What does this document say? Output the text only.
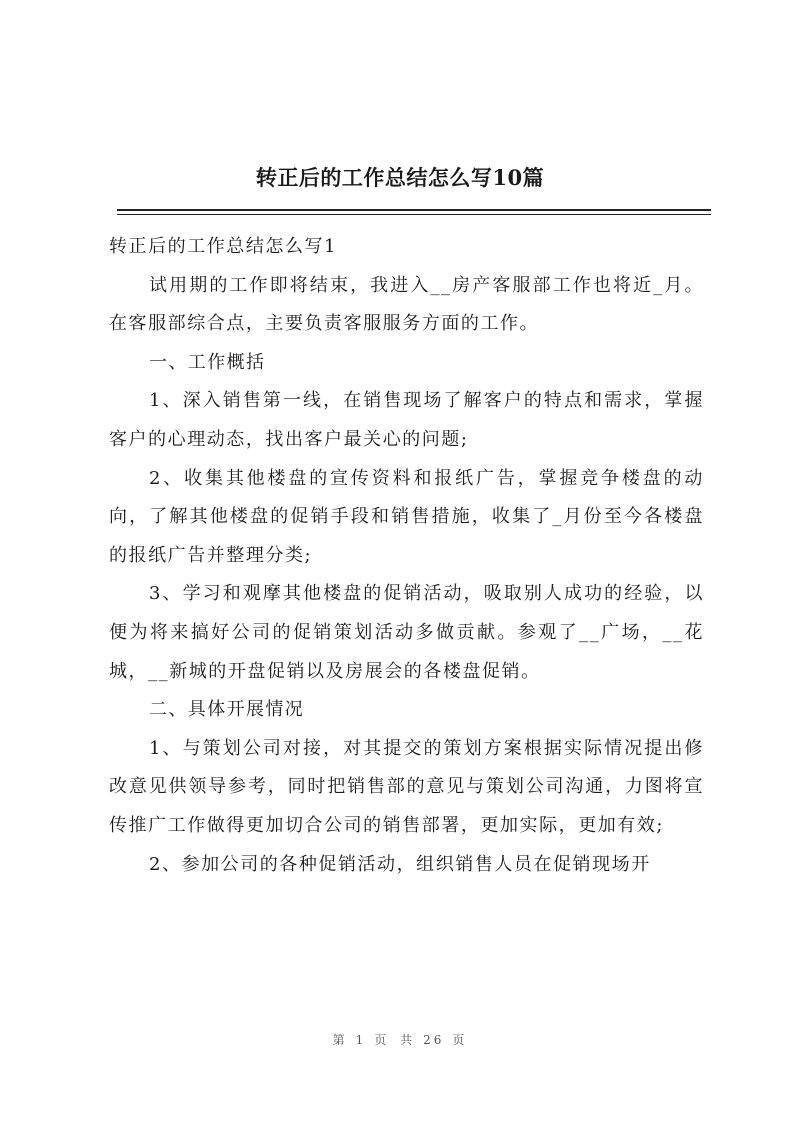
转正后的工作总结怎么写10篇

转正后的工作总结怎么写1

试用期的工作即将结束，我进入__房产客服部工作也将近_月。在客服部综合点，主要负责客服服务方面的工作。

一、工作概括

1、深入销售第一线，在销售现场了解客户的特点和需求，掌握客户的心理动态，找出客户最关心的问题;

2、收集其他楼盘的宣传资料和报纸广告，掌握竞争楼盘的动向，了解其他楼盘的促销手段和销售措施，收集了_月份至今各楼盘的报纸广告并整理分类;

3、学习和观摩其他楼盘的促销活动，吸取别人成功的经验，以便为将来搞好公司的促销策划活动多做贡献。参观了__广场，__花城，__新城的开盘促销以及房展会的各楼盘促销。

二、具体开展情况

1、与策划公司对接，对其提交的策划方案根据实际情况提出修改意见供领导参考，同时把销售部的意见与策划公司沟通，力图将宣传推广工作做得更加切合公司的销售部署，更加实际，更加有效;

2、参加公司的各种促销活动，组织销售人员在促销现场开

第 1 页 共 26 页
